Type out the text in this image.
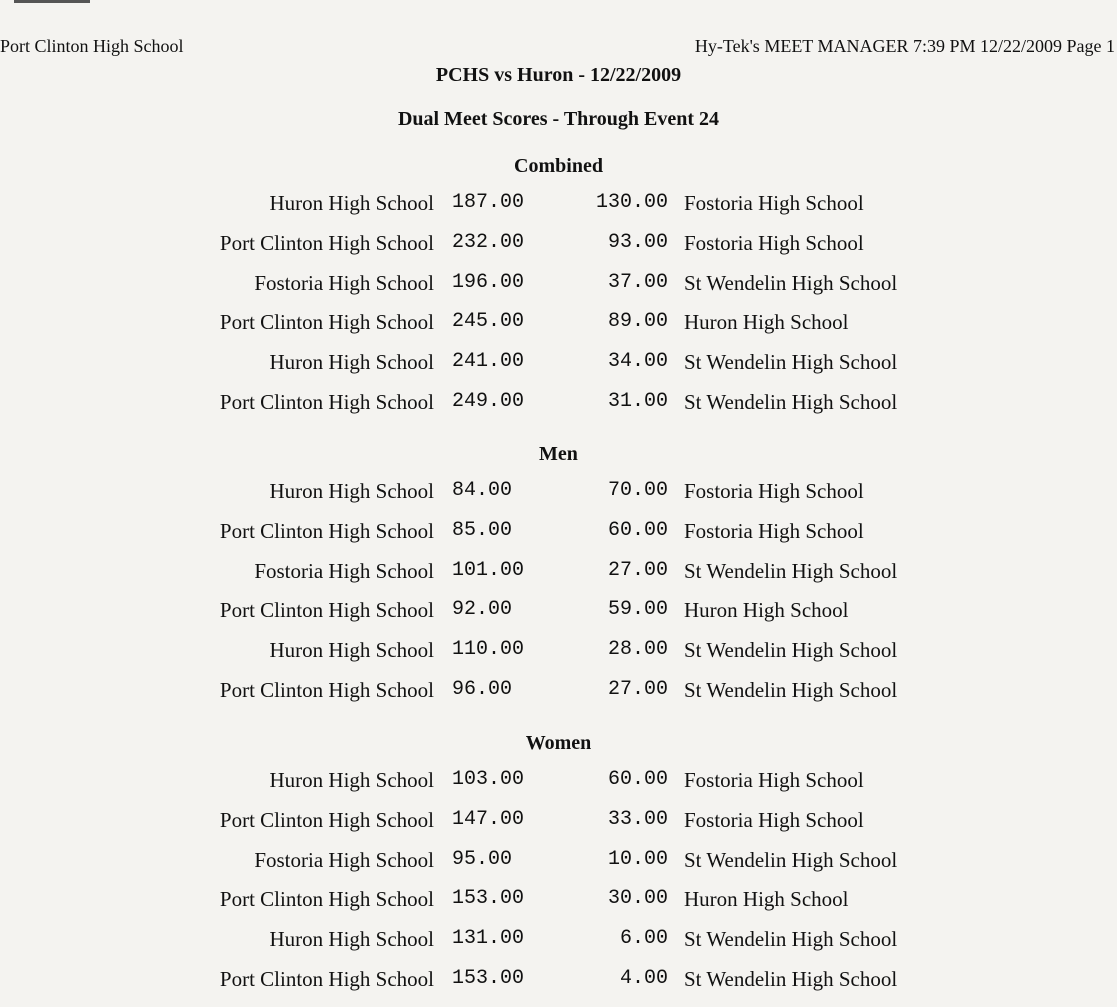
Port Clinton High School	Hy-Tek's MEET MANAGER 7:39 PM 12/22/2009 Page 1
PCHS vs Huron - 12/22/2009
Dual Meet Scores - Through Event 24
Combined
Huron High School 187.00	130.00 Fostoria High School
Port Clinton High School 232.00	93.00 Fostoria High School
Fostoria High School 196.00	37.00 St Wendelin High School
Port Clinton High School 245.00	89.00 Huron High School
Huron High School 241.00	34.00 St Wendelin High School
Port Clinton High School 249.00	31.00 St Wendelin High School
Men
Huron High School 84.00	70.00 Fostoria High School
Port Clinton High School 85.00	60.00 Fostoria High School
Fostoria High School 101.00	27.00 St Wendelin High School
Port Clinton High School 92.00	59.00 Huron High School
Huron High School 110.00	28.00 St Wendelin High School
Port Clinton High School 96.00	27.00 St Wendelin High School
Women
Huron High School 103.00	60.00 Fostoria High School
Port Clinton High School 147.00	33.00 Fostoria High School
Fostoria High School 95.00	10.00 St Wendelin High School
Port Clinton High School 153.00	30.00 Huron High School
Huron High School 131.00	6.00 St Wendelin High School
Port Clinton High School 153.00	4.00 St Wendelin High School
